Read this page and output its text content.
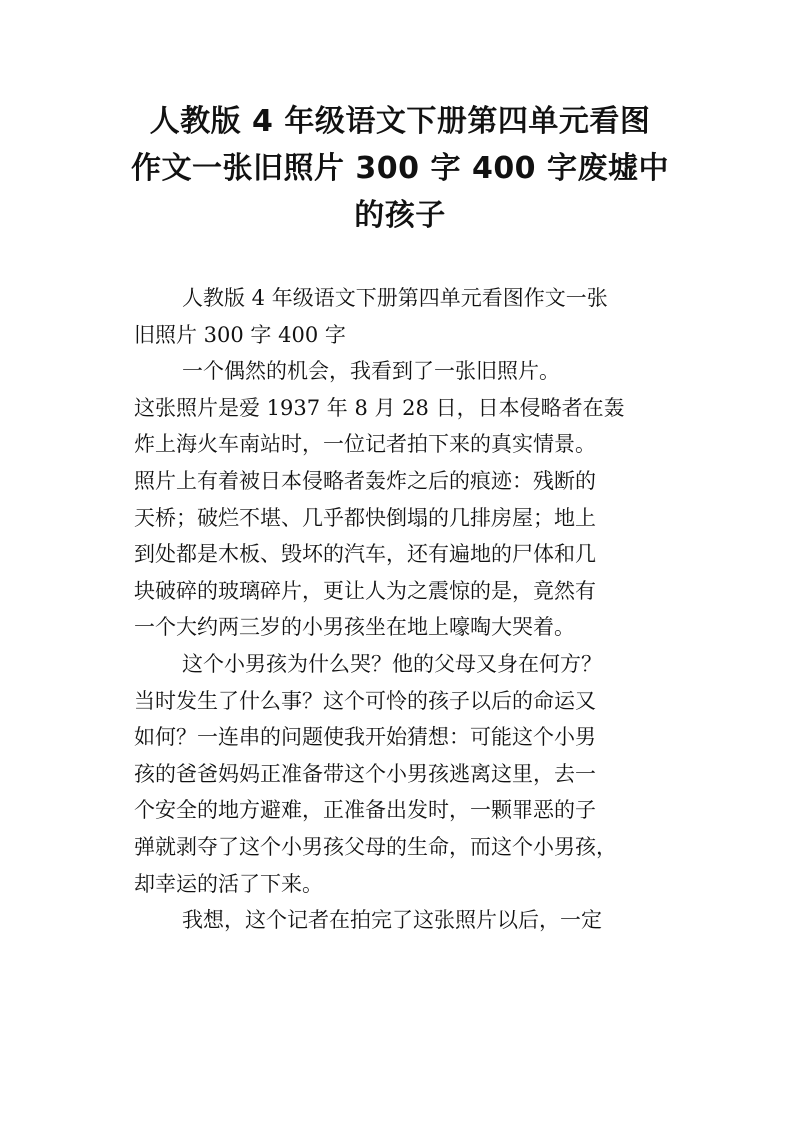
人教版 4 年级语文下册第四单元看图
作文一张旧照片 300 字 400 字废墟中
的孩子
人教版 4 年级语文下册第四单元看图作文一张
旧照片 300 字 400 字
一个偶然的机会，我看到了一张旧照片。
这张照片是爱 1937 年 8 月 28 日，日本侵略者在轰
炸上海火车南站时，一位记者拍下来的真实情景。
照片上有着被日本侵略者轰炸之后的痕迹：残断的
天桥；破烂不堪、几乎都快倒塌的几排房屋；地上
到处都是木板、毁坏的汽车，还有遍地的尸体和几
块破碎的玻璃碎片，更让人为之震惊的是，竟然有
一个大约两三岁的小男孩坐在地上嚎啕大哭着。
这个小男孩为什么哭？他的父母又身在何方？
当时发生了什么事？这个可怜的孩子以后的命运又
如何？一连串的问题使我开始猜想：可能这个小男
孩的爸爸妈妈正准备带这个小男孩逃离这里，去一
个安全的地方避难，正准备出发时，一颗罪恶的子
弹就剥夺了这个小男孩父母的生命，而这个小男孩，
却幸运的活了下来。
我想，这个记者在拍完了这张照片以后，一定
